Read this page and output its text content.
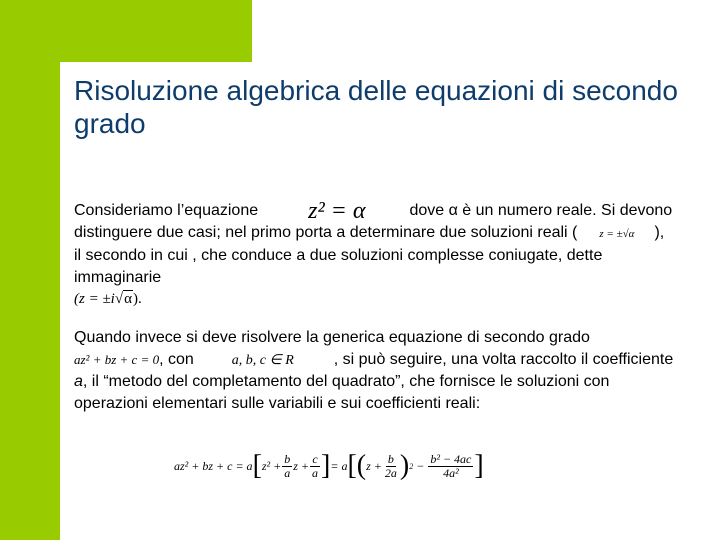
Risoluzione algebrica delle equazioni di secondo grado
Consideriamo l’equazione z² = α	dove α è un numero reale. Si devono distinguere due casi; nel primo porta a determinare due soluzioni reali ( z = ±√α ), il secondo in cui , che conduce a due soluzioni complesse coniugate, dette immaginarie
(z = ±i√α).
Quando invece si deve risolvere la generica equazione di secondo gradoaz² + bz + c = 0, con	a, b, c ∈ R	, si può seguire, una volta raccolto il coefficiente a, il “metodo del completamento del quadrato”, che fornisce le soluzioni con operazioni elementari sulle variabili e sui coefficienti reali:
az² + bz + c = a [ $z^2 + \frac{b}{a}$ $z + \frac{c}{a}$ ] = a [( $z + \frac{b}{2a}$ ) $2 - \frac{\text{b² − 4ac}}{\text{4a²}}$ ]
